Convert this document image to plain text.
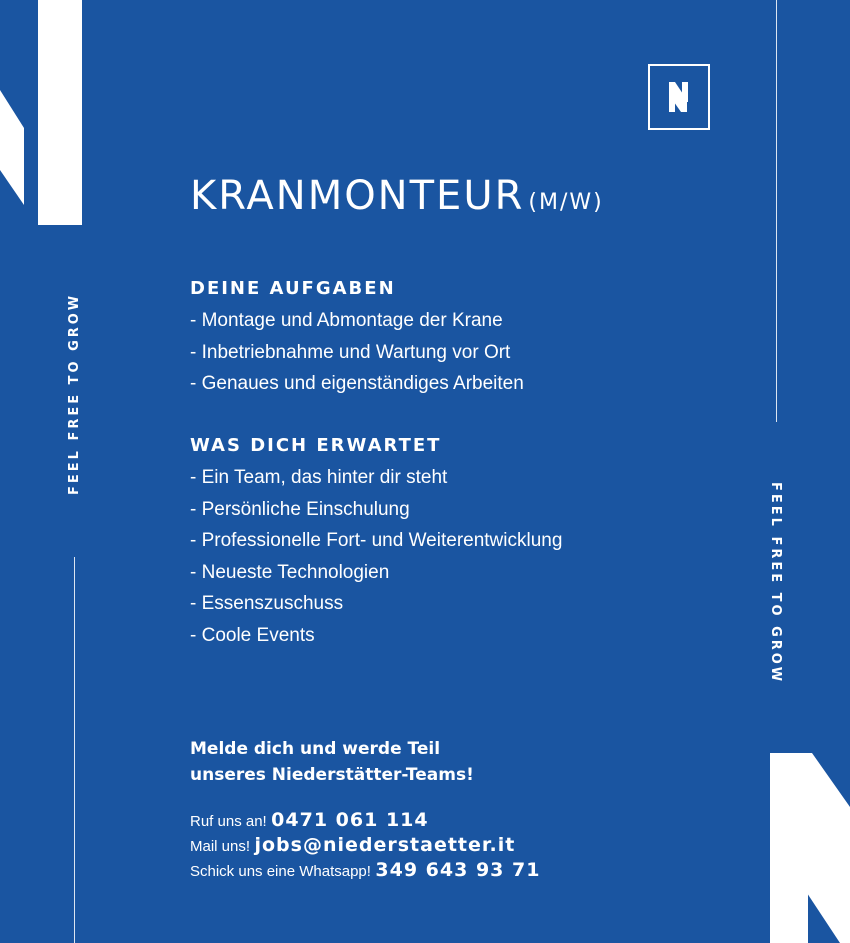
FEEL FREE TO GROW
FEEL FREE TO GROW
KRANMONTEUR (M/W)
DEINE AUFGABEN
- Montage und Abmontage der Krane
- Inbetriebnahme und Wartung vor Ort
- Genaues und eigenständiges Arbeiten
WAS DICH ERWARTET
- Ein Team, das hinter dir steht
- Persönliche Einschulung
- Professionelle Fort- und Weiterentwicklung
- Neueste Technologien
- Essenszuschuss
- Coole Events
Melde dich und werde Teil
unseres Niederstätter-Teams!
Ruf uns an! 0471 061 114
Mail uns! jobs@niederstaetter.it
Schick uns eine Whatsapp! 349 643 93 71
